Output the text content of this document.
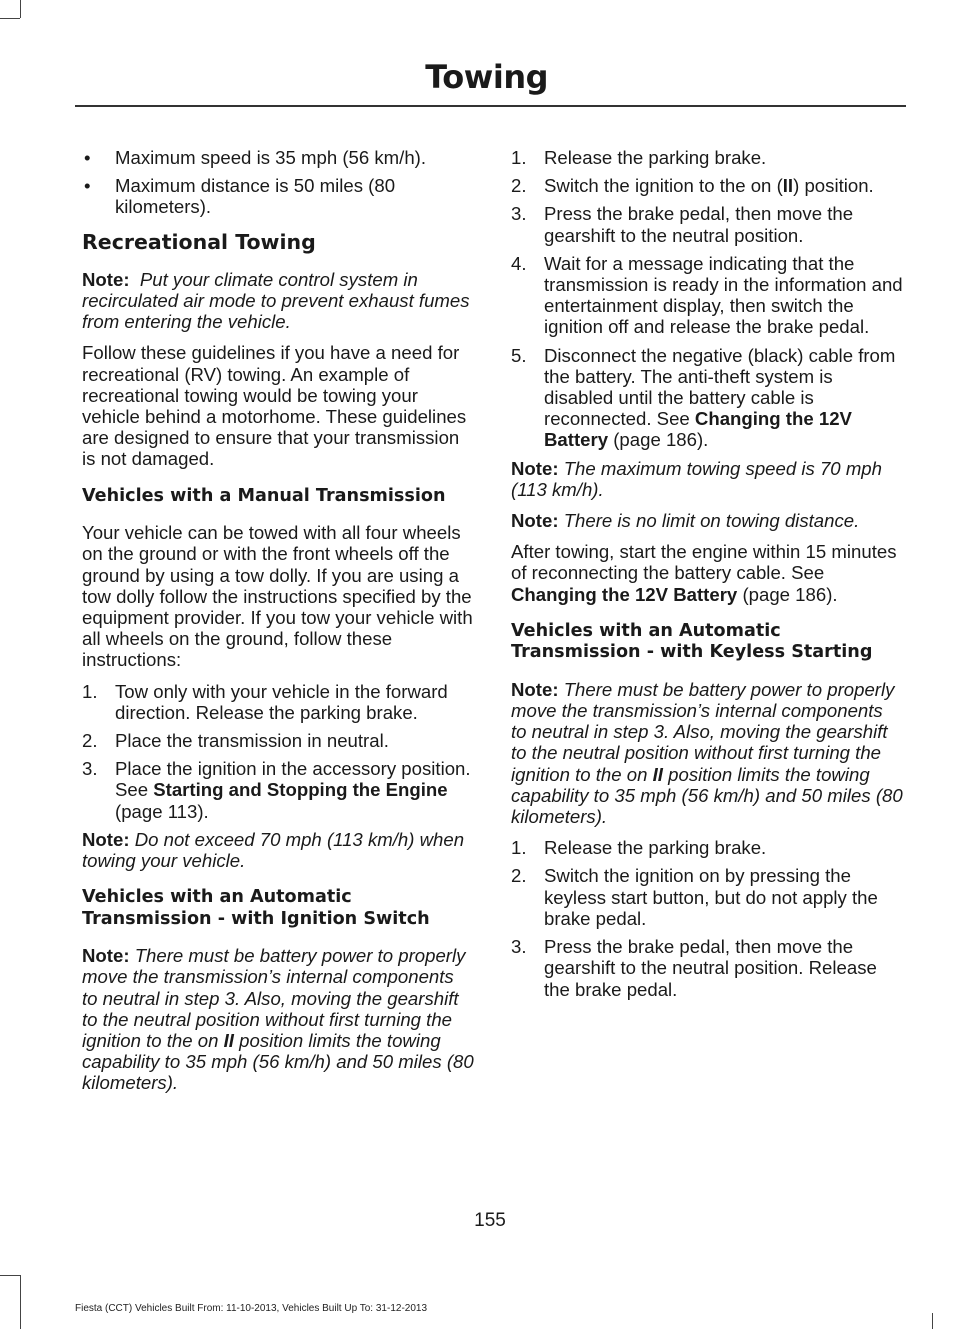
Towing
• Maximum speed is 35 mph (56 km/h).
• Maximum distance is 50 miles (80 kilometers).
Recreational Towing

Note: Put your climate control system in recirculated air mode to prevent exhaust fumes from entering the vehicle.

Follow these guidelines if you have a need for recreational (RV) towing. An example of recreational towing would be towing your vehicle behind a motorhome. These guidelines are designed to ensure that your transmission is not damaged.

Vehicles with a Manual Transmission

Your vehicle can be towed with all four wheels on the ground or with the front wheels off the ground by using a tow dolly. If you are using a tow dolly follow the instructions specified by the equipment provider. If you tow your vehicle with all wheels on the ground, follow these instructions:

1. Tow only with your vehicle in the forward direction. Release the parking brake.
2. Place the transmission in neutral.
3. Place the ignition in the accessory position. See Starting and Stopping the Engine (page 113).

Note: Do not exceed 70 mph (113 km/h) when towing your vehicle.

Vehicles with an Automatic Transmission - with Ignition Switch

Note: There must be battery power to properly move the transmission’s internal components to neutral in step 3. Also, moving the gearshift to the neutral position without first turning the ignition to the on II position limits the towing capability to 35 mph (56 km/h) and 50 miles (80 kilometers).

1. Release the parking brake.
2. Switch the ignition to the on (II) position.
3. Press the brake pedal, then move the gearshift to the neutral position.
4. Wait for a message indicating that the transmission is ready in the information and entertainment display, then switch the ignition off and release the brake pedal.
5. Disconnect the negative (black) cable from the battery. The anti-theft system is disabled until the battery cable is reconnected. See Changing the 12V Battery (page 186).

Note: The maximum towing speed is 70 mph (113 km/h).

Note: There is no limit on towing distance.

After towing, start the engine within 15 minutes of reconnecting the battery cable. See Changing the 12V Battery (page 186).

Vehicles with an Automatic Transmission - with Keyless Starting

Note: There must be battery power to properly move the transmission’s internal components to neutral in step 3. Also, moving the gearshift to the neutral position without first turning the ignition to the on II position limits the towing capability to 35 mph (56 km/h) and 50 miles (80 kilometers).

1. Release the parking brake.
2. Switch the ignition on by pressing the keyless start button, but do not apply the brake pedal.
3. Press the brake pedal, then move the gearshift to the neutral position. Release the brake pedal.
155
Fiesta (CCT) Vehicles Built From: 11-10-2013, Vehicles Built Up To: 31-12-2013
